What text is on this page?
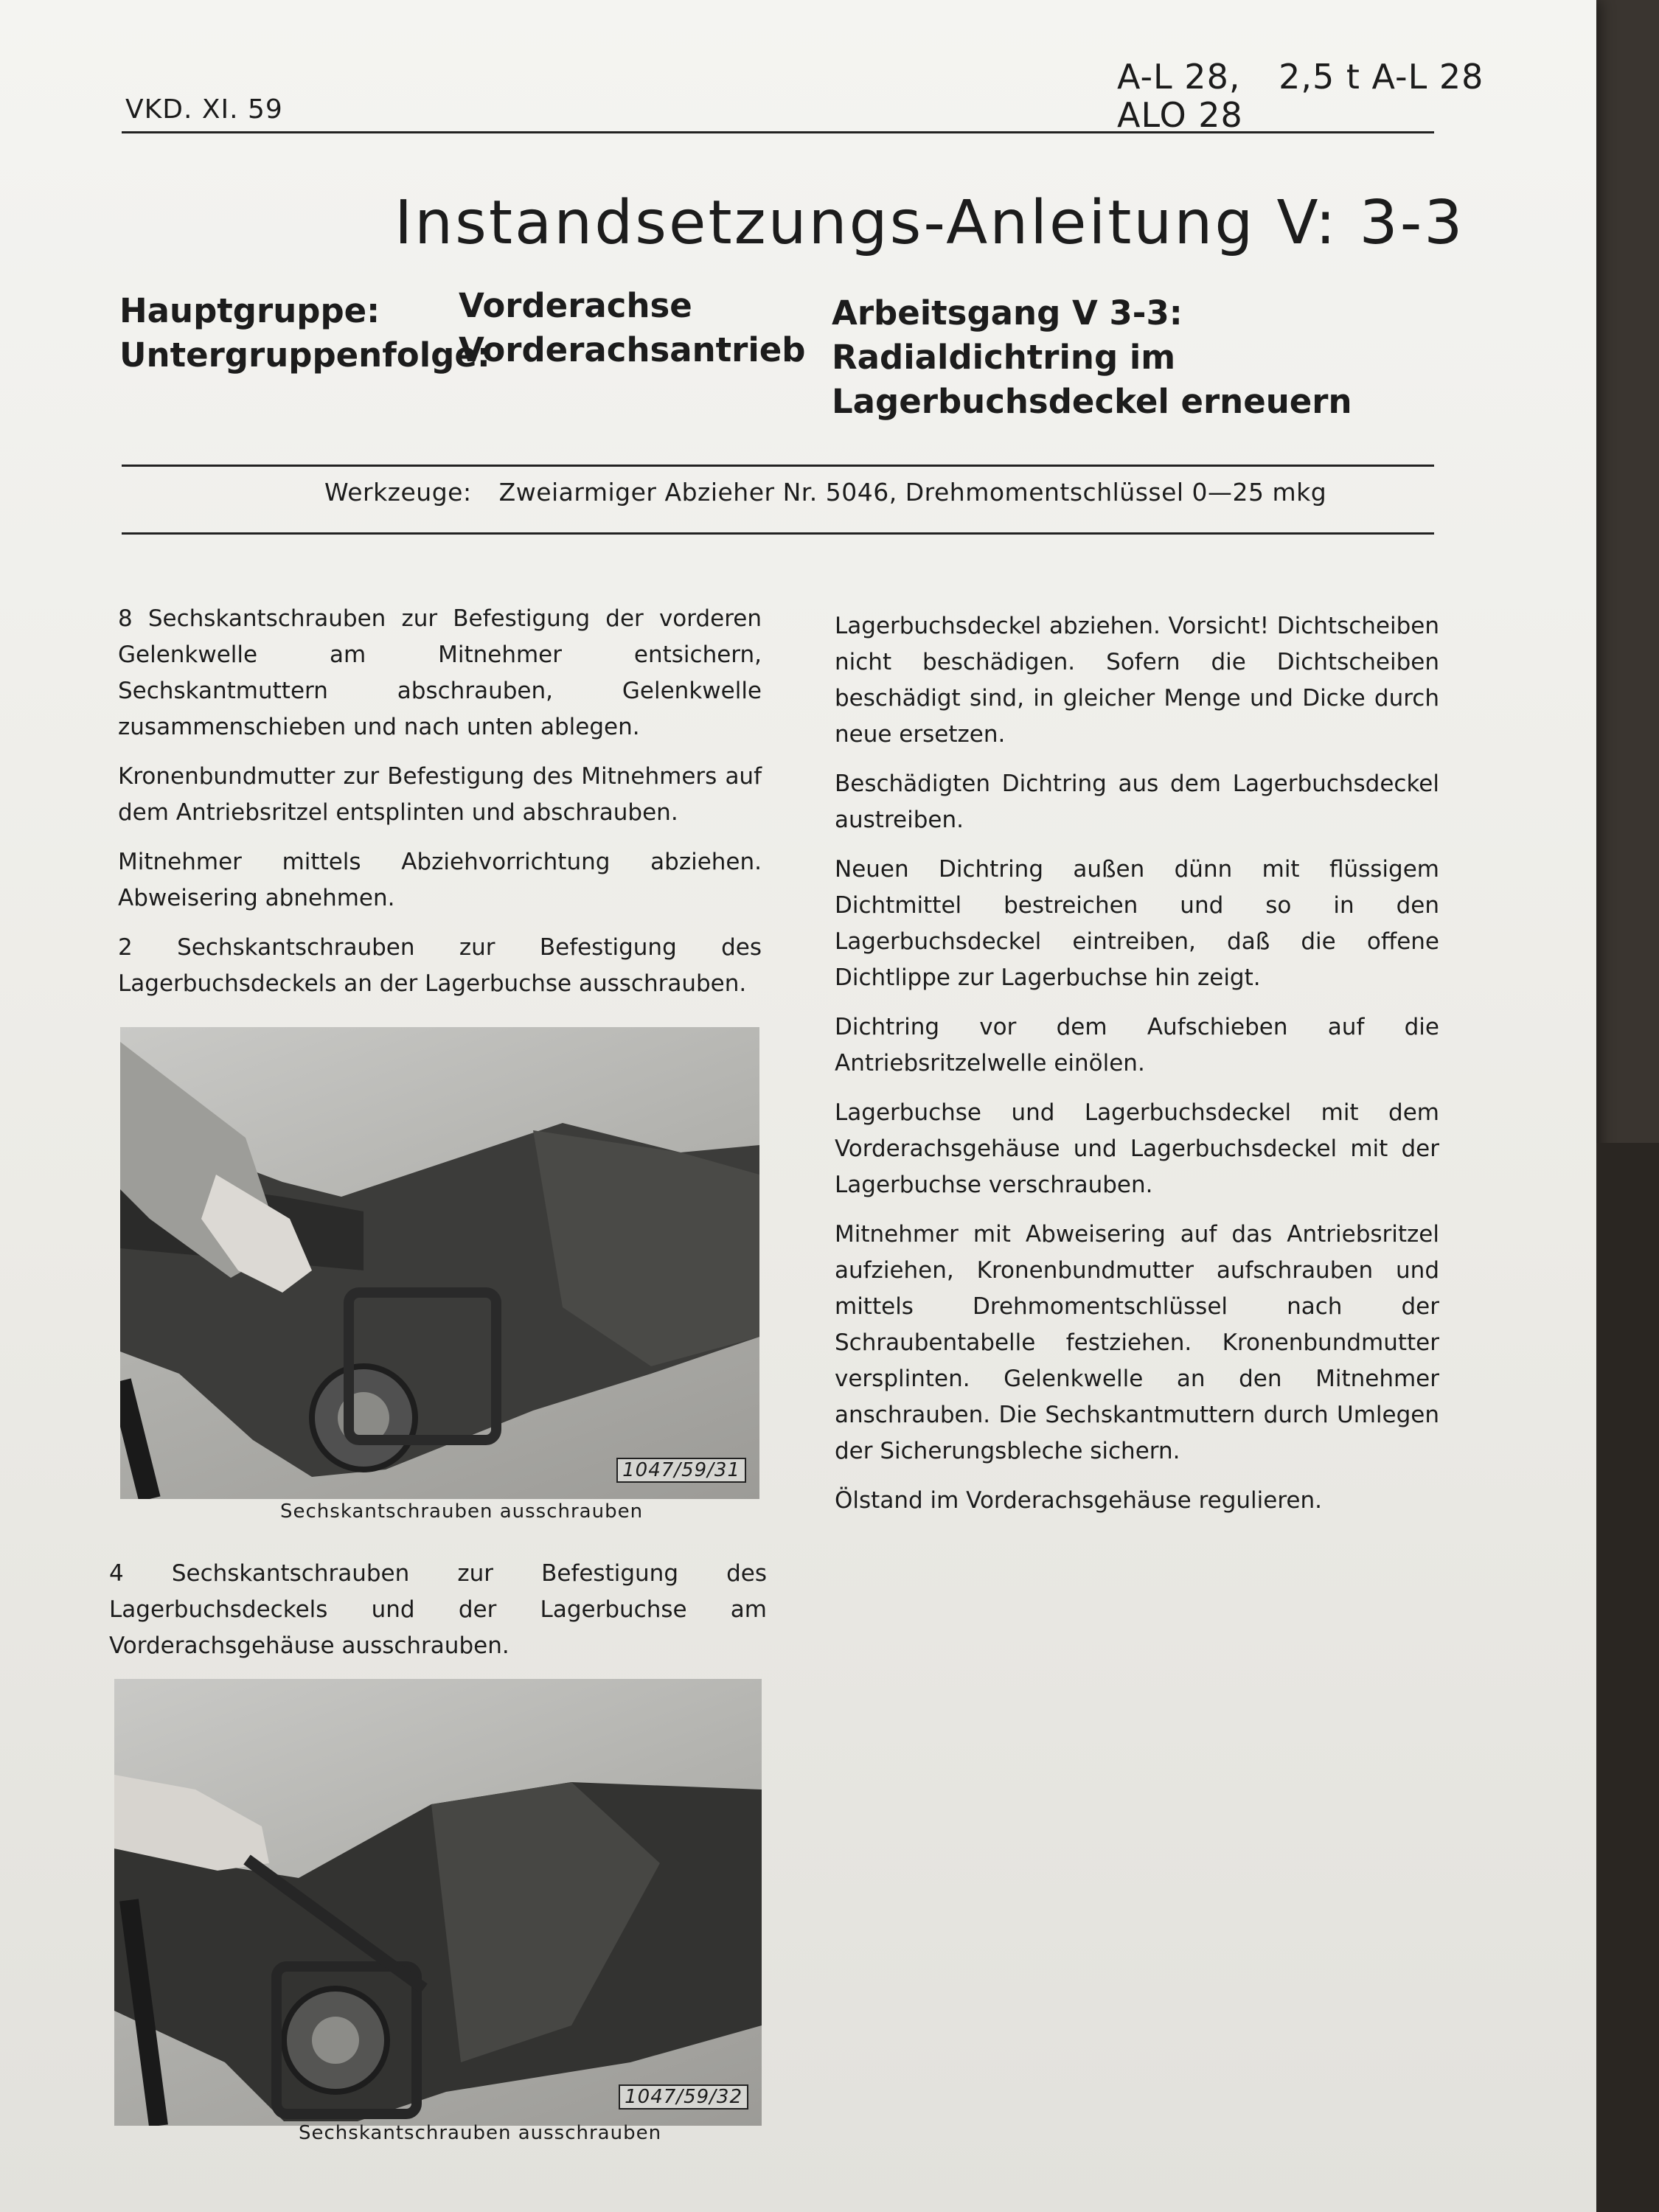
VKD. XI. 59
A-L 28, 2,5 t A-L 28
ALO 28
Instandsetzungs-Anleitung V: 3-3
Hauptgruppe:
Untergruppenfolge:
Vorderachse
Vorderachsantrieb
Arbeitsgang V 3-3:
Radialdichtring im Lagerbuchsdeckel erneuern
Werkzeuge: Zweiarmiger Abzieher Nr. 5046, Drehmomentschlüssel 0—25 mkg

8 Sechskantschrauben zur Befestigung der vorderen Gelenkwelle am Mitnehmer entsichern, Sechskantmuttern abschrauben, Gelenkwelle zusammenschieben und nach unten ablegen.

Kronenbundmutter zur Befestigung des Mitnehmers auf dem Antriebsritzel entsplinten und abschrauben.

Mitnehmer mittels Abziehvorrichtung abziehen. Abweisering abnehmen.

2 Sechskantschrauben zur Befestigung des Lagerbuchsdeckels an der Lagerbuchse ausschrauben.

1047/59/31
Sechskantschrauben ausschrauben

4 Sechskantschrauben zur Befestigung des Lagerbuchsdeckels und der Lagerbuchse am Vorderachsgehäuse ausschrauben.

1047/59/32
Sechskantschrauben ausschrauben

Lagerbuchsdeckel abziehen. Vorsicht! Dichtscheiben nicht beschädigen. Sofern die Dichtscheiben beschädigt sind, in gleicher Menge und Dicke durch neue ersetzen.

Beschädigten Dichtring aus dem Lagerbuchsdeckel austreiben.

Neuen Dichtring außen dünn mit flüssigem Dichtmittel bestreichen und so in den Lagerbuchsdeckel eintreiben, daß die offene Dichtlippe zur Lagerbuchse hin zeigt.

Dichtring vor dem Aufschieben auf die Antriebsritzelwelle einölen.

Lagerbuchse und Lagerbuchsdeckel mit dem Vorderachsgehäuse und Lagerbuchsdeckel mit der Lagerbuchse verschrauben.

Mitnehmer mit Abweisering auf das Antriebsritzel aufziehen, Kronenbundmutter aufschrauben und mittels Drehmomentschlüssel nach der Schraubentabelle festziehen. Kronenbundmutter versplinten. Gelenkwelle an den Mitnehmer anschrauben. Die Sechskantmuttern durch Umlegen der Sicherungsbleche sichern.

Ölstand im Vorderachsgehäuse regulieren.
